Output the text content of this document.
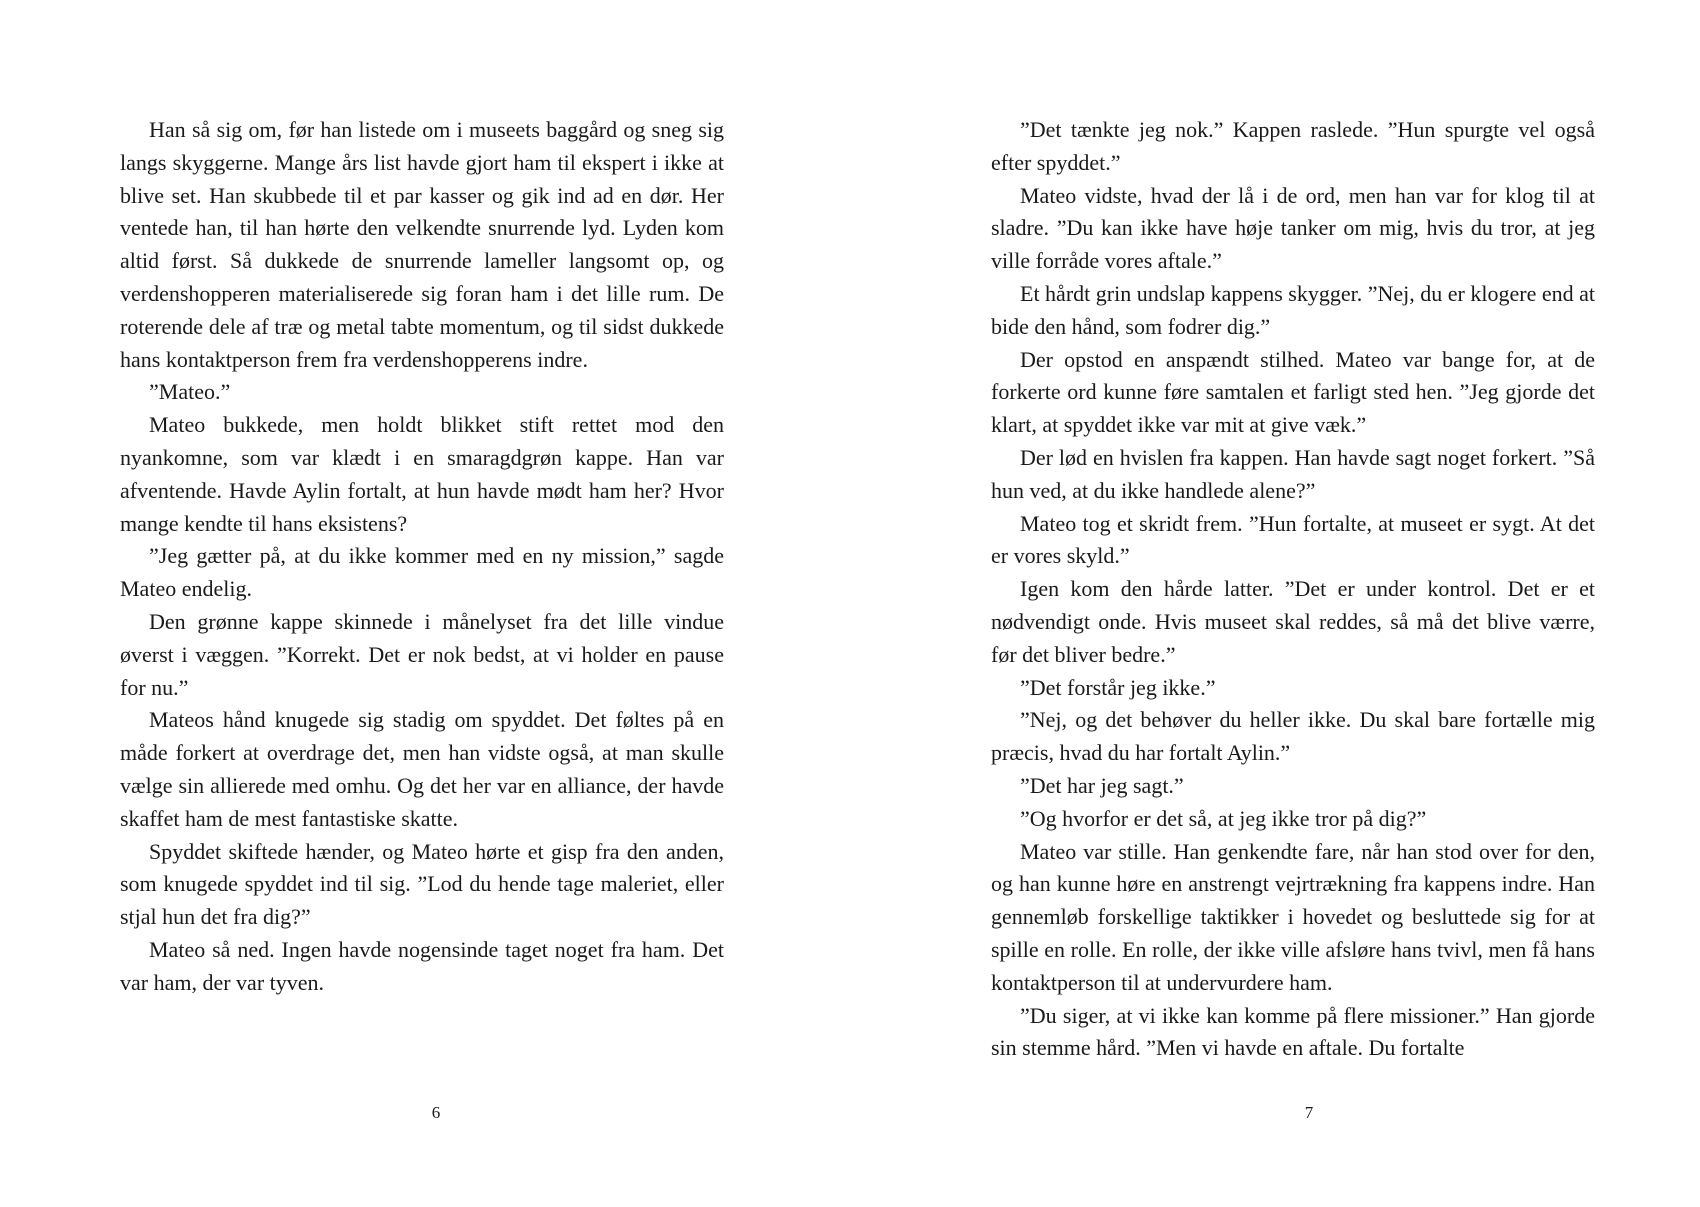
Han så sig om, før han listede om i museets baggård og sneg sig langs skyggerne. Mange års list havde gjort ham til ekspert i ikke at blive set. Han skubbede til et par kasser og gik ind ad en dør. Her ventede han, til han hørte den velkendte snurrende lyd. Lyden kom altid først. Så dukkede de snurrende lameller langsomt op, og verdenshopperen materialiserede sig foran ham i det lille rum. De roterende dele af træ og metal tabte momentum, og til sidst dukkede hans kontaktperson frem fra verdenshopperens indre.

”Mateo.”

Mateo bukkede, men holdt blikket stift rettet mod den nyankomne, som var klædt i en smaragdgrøn kappe. Han var afventende. Havde Aylin fortalt, at hun havde mødt ham her? Hvor mange kendte til hans eksistens?

”Jeg gætter på, at du ikke kommer med en ny mission,” sagde Mateo endelig.

Den grønne kappe skinnede i månelyset fra det lille vindue øverst i væggen. ”Korrekt. Det er nok bedst, at vi holder en pause for nu.”

Mateos hånd knugede sig stadig om spyddet. Det føltes på en måde forkert at overdrage det, men han vidste også, at man skulle vælge sin allierede med omhu. Og det her var en alliance, der havde skaffet ham de mest fantastiske skatte.

Spyddet skiftede hænder, og Mateo hørte et gisp fra den anden, som knugede spyddet ind til sig. ”Lod du hende tage maleriet, eller stjal hun det fra dig?”

Mateo så ned. Ingen havde nogensinde taget noget fra ham. Det var ham, der var tyven.

6

”Det tænkte jeg nok.” Kappen raslede. ”Hun spurgte vel også efter spyddet.”

Mateo vidste, hvad der lå i de ord, men han var for klog til at sladre. ”Du kan ikke have høje tanker om mig, hvis du tror, at jeg ville forråde vores aftale.”

Et hårdt grin undslap kappens skygger. ”Nej, du er klogere end at bide den hånd, som fodrer dig.”

Der opstod en anspændt stilhed. Mateo var bange for, at de forkerte ord kunne føre samtalen et farligt sted hen. ”Jeg gjorde det klart, at spyddet ikke var mit at give væk.”

Der lød en hvislen fra kappen. Han havde sagt noget forkert. ”Så hun ved, at du ikke handlede alene?”

Mateo tog et skridt frem. ”Hun fortalte, at museet er sygt. At det er vores skyld.”

Igen kom den hårde latter. ”Det er under kontrol. Det er et nødvendigt onde. Hvis museet skal reddes, så må det blive værre, før det bliver bedre.”

”Det forstår jeg ikke.”

”Nej, og det behøver du heller ikke. Du skal bare fortælle mig præcis, hvad du har fortalt Aylin.”

”Det har jeg sagt.”

”Og hvorfor er det så, at jeg ikke tror på dig?”

Mateo var stille. Han genkendte fare, når han stod over for den, og han kunne høre en anstrengt vejrtrækning fra kappens indre. Han gennemløb forskellige taktikker i hovedet og besluttede sig for at spille en rolle. En rolle, der ikke ville afsløre hans tvivl, men få hans kontaktperson til at undervurdere ham.

”Du siger, at vi ikke kan komme på flere missioner.” Han gjorde sin stemme hård. ”Men vi havde en aftale. Du fortalte

7
